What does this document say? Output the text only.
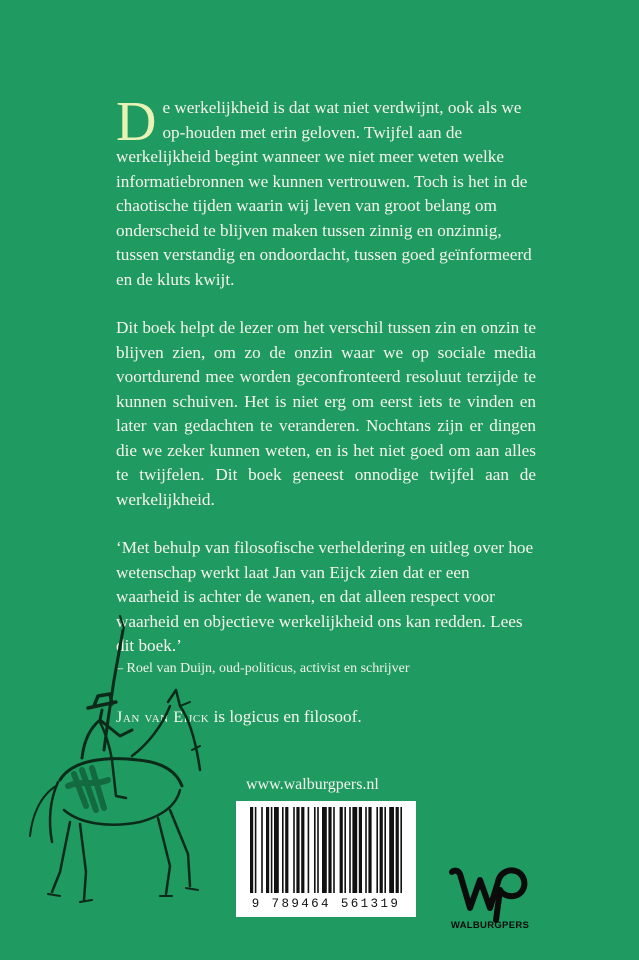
De werkelijkheid is dat wat niet verdwijnt, ook als we op-houden met erin geloven. Twijfel aan de werkelijkheid begint wanneer we niet meer weten welke informatiebronnen we kunnen vertrouwen. Toch is het in de chaotische tijden waarin wij leven van groot belang om onderscheid te blijven maken tussen zinnig en onzinnig, tussen verstandig en ondoordacht, tussen goed geïnformeerd en de kluts kwijt.

Dit boek helpt de lezer om het verschil tussen zin en onzin te blijven zien, om zo de onzin waar we op sociale media voortdurend mee worden geconfronteerd resoluut terzijde te kunnen schuiven. Het is niet erg om eerst iets te vinden en later van gedachten te veranderen. Nochtans zijn er dingen die we zeker kunnen weten, en is het niet goed om aan alles te twijfelen. Dit boek geneest onnodige twijfel aan de werkelijkheid.

‘Met behulp van filosofische verheldering en uitleg over hoe wetenschap werkt laat Jan van Eijck zien dat er een waarheid is achter de wanen, en dat alleen respect voor waarheid en objectieve werkelijkheid ons kan redden. Lees dit boek.’

– Roel van Duijn, oud-politicus, activist en schrijver

Jan van Eijck is logicus en filosoof.

www.walburgpers.nl
9 789464 561319
WALBURGPERS
